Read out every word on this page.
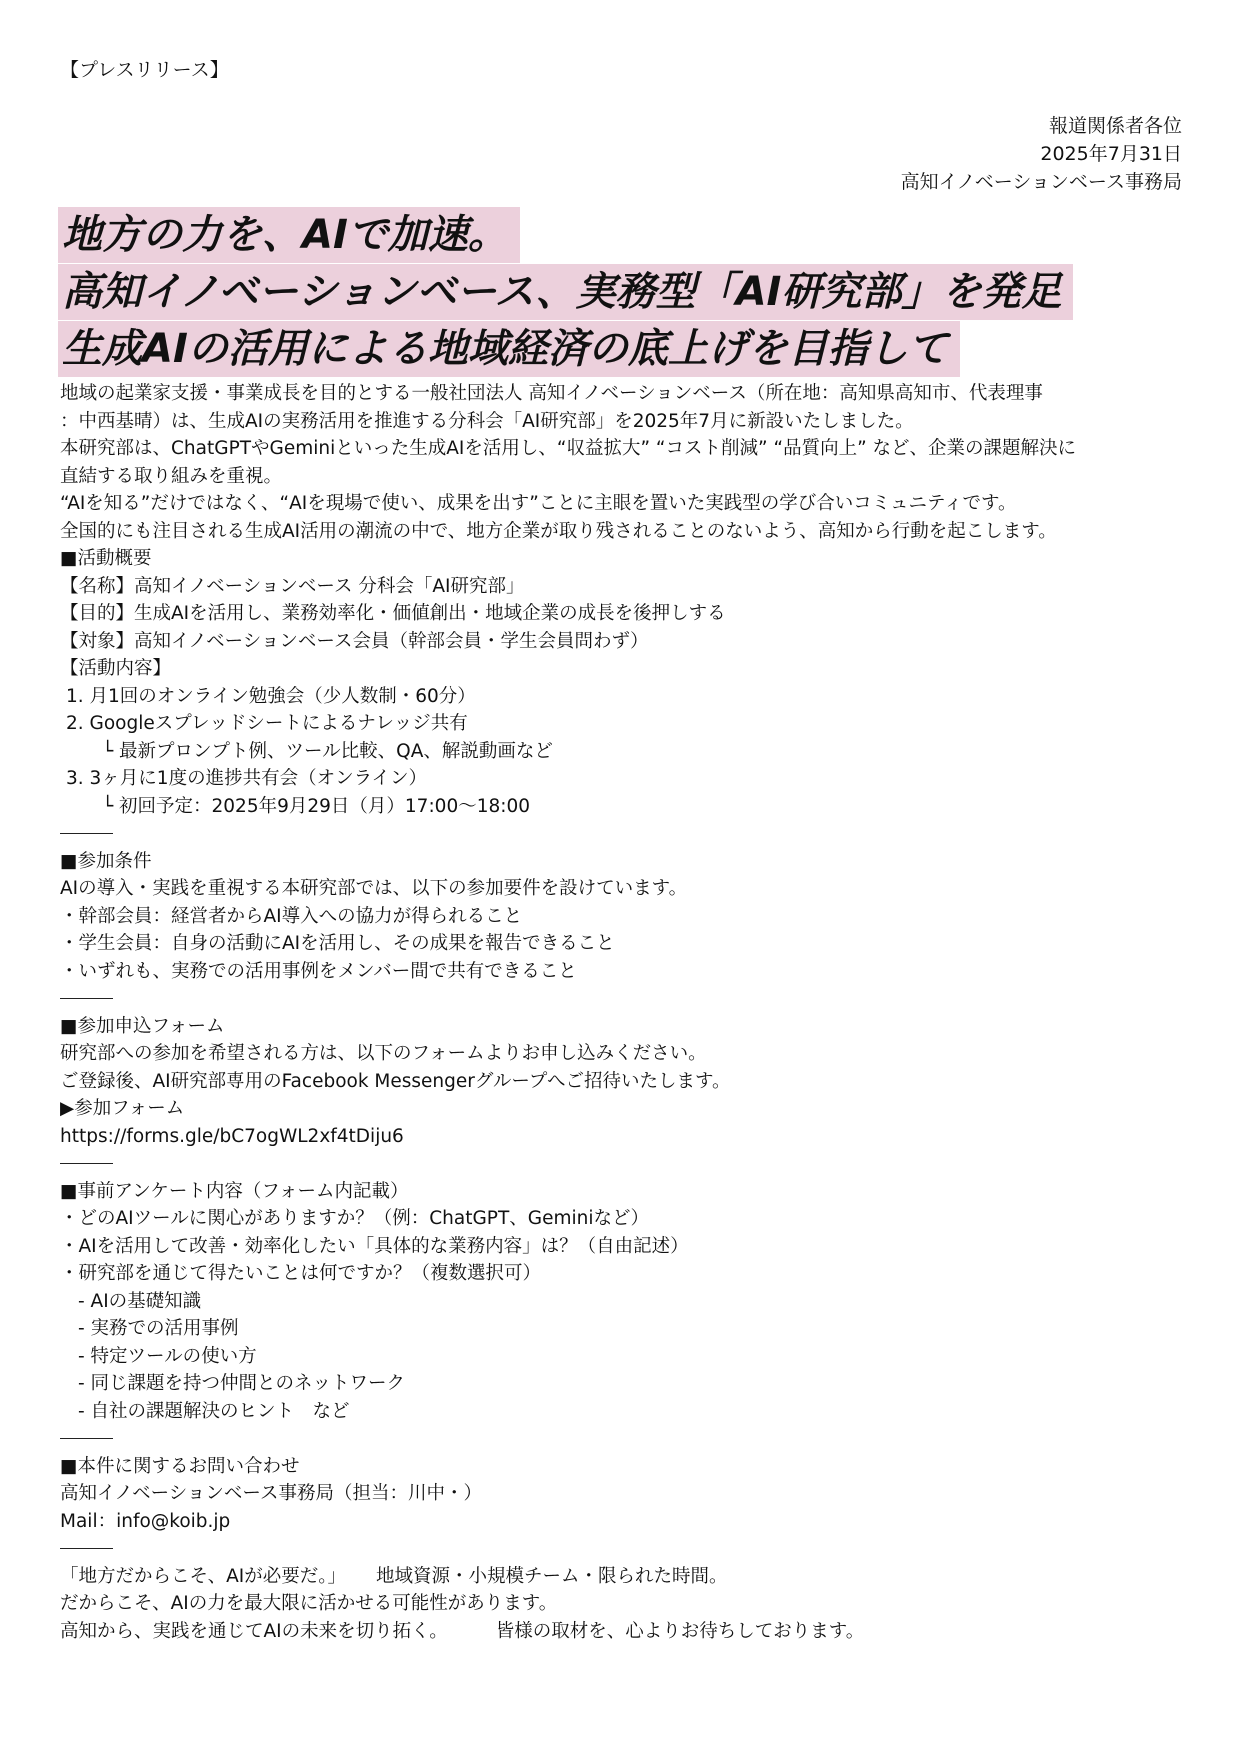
【プレスリリース】
報道関係者各位
2025年7月31日
高知イノベーションベース事務局
地方の力を、AIで加速。
高知イノベーションベース、実務型「AI研究部」を発足
生成AIの活用による地域経済の底上げを目指して
地域の起業家支援・事業成長を目的とする一般社団法人 高知イノベーションベース（所在地：高知県高知市、代表理事
：中西基晴）は、生成AIの実務活用を推進する分科会「AI研究部」を2025年7月に新設いたしました。
本研究部は、ChatGPTやGeminiといった生成AIを活用し、“収益拡大” “コスト削減” “品質向上” など、企業の課題解決に
直結する取り組みを重視。
“AIを知る”だけではなく、“AIを現場で使い、成果を出す”ことに主眼を置いた実践型の学び合いコミュニティです。
全国的にも注目される生成AI活用の潮流の中で、地方企業が取り残されることのないよう、高知から行動を起こします。
■活動概要
【名称】高知イノベーションベース 分科会「AI研究部」
【目的】生成AIを活用し、業務効率化・価値創出・地域企業の成長を後押しする
【対象】高知イノベーションベース会員（幹部会員・学生会員問わず）
【活動内容】
1. 月1回のオンライン勉強会（少人数制・60分）
2. Googleスプレッドシートによるナレッジ共有
└ 最新プロンプト例、ツール比較、QA、解説動画など
3. 3ヶ月に1度の進捗共有会（オンライン）
└ 初回予定：2025年9月29日（月）17:00〜18:00
■参加条件
AIの導入・実践を重視する本研究部では、以下の参加要件を設けています。
・幹部会員：経営者からAI導入への協力が得られること
・学生会員：自身の活動にAIを活用し、その成果を報告できること
・いずれも、実務での活用事例をメンバー間で共有できること
■参加申込フォーム
研究部への参加を希望される方は、以下のフォームよりお申し込みください。
ご登録後、AI研究部専用のFacebook Messengerグループへご招待いたします。
▶参加フォーム
https://forms.gle/bC7ogWL2xf4tDiju6
■事前アンケート内容（フォーム内記載）
・どのAIツールに関心がありますか？（例：ChatGPT、Geminiなど）
・AIを活用して改善・効率化したい「具体的な業務内容」は？（自由記述）
・研究部を通じて得たいことは何ですか？（複数選択可）
- AIの基礎知識
- 実務での活用事例
- 特定ツールの使い方
- 同じ課題を持つ仲間とのネットワーク
- 自社の課題解決のヒント　など
■本件に関するお問い合わせ
高知イノベーションベース事務局（担当：川中・）
Mail：info@koib.jp
「地方だからこそ、AIが必要だ。」 地域資源・小規模チーム・限られた時間。
だからこそ、AIの力を最大限に活かせる可能性があります。
高知から、実践を通じてAIの未来を切り拓く。	皆様の取材を、心よりお待ちしております。
